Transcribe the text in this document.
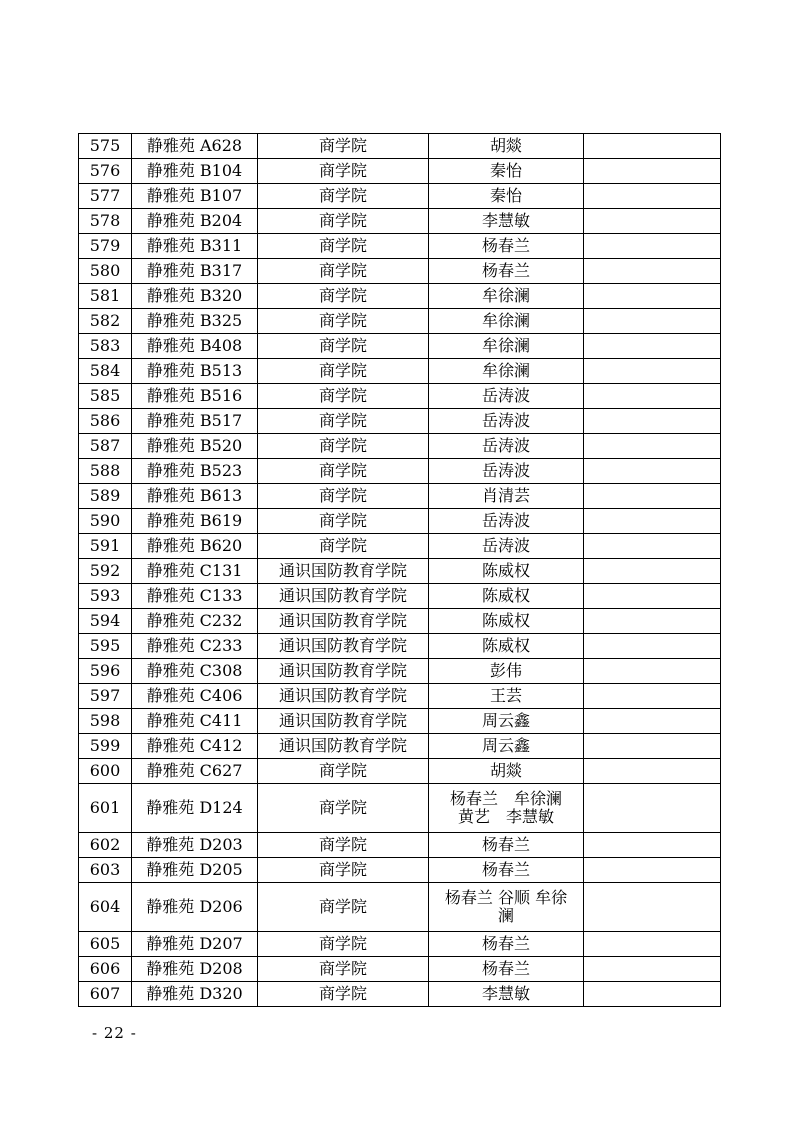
575	静雅苑 A628	商学院	胡燚	
576	静雅苑 B104	商学院	秦怡	
577	静雅苑 B107	商学院	秦怡	
578	静雅苑 B204	商学院	李慧敏	
579	静雅苑 B311	商学院	杨春兰	
580	静雅苑 B317	商学院	杨春兰	
581	静雅苑 B320	商学院	牟徐澜	
582	静雅苑 B325	商学院	牟徐澜	
583	静雅苑 B408	商学院	牟徐澜	
584	静雅苑 B513	商学院	牟徐澜	
585	静雅苑 B516	商学院	岳涛波	
586	静雅苑 B517	商学院	岳涛波	
587	静雅苑 B520	商学院	岳涛波	
588	静雅苑 B523	商学院	岳涛波	
589	静雅苑 B613	商学院	肖清芸	
590	静雅苑 B619	商学院	岳涛波	
591	静雅苑 B620	商学院	岳涛波	
592	静雅苑 C131	通识国防教育学院	陈威权	
593	静雅苑 C133	通识国防教育学院	陈威权	
594	静雅苑 C232	通识国防教育学院	陈威权	
595	静雅苑 C233	通识国防教育学院	陈威权	
596	静雅苑 C308	通识国防教育学院	彭伟	
597	静雅苑 C406	通识国防教育学院	王芸	
598	静雅苑 C411	通识国防教育学院	周云鑫	
599	静雅苑 C412	通识国防教育学院	周云鑫	
600	静雅苑 C627	商学院	胡燚	
601	静雅苑 D124	商学院	杨春兰　牟徐澜　黄艺　李慧敏	
602	静雅苑 D203	商学院	杨春兰	
603	静雅苑 D205	商学院	杨春兰	
604	静雅苑 D206	商学院	杨春兰 谷顺 牟徐澜	
605	静雅苑 D207	商学院	杨春兰	
606	静雅苑 D208	商学院	杨春兰	
607	静雅苑 D320	商学院	李慧敏	
- 22 -
